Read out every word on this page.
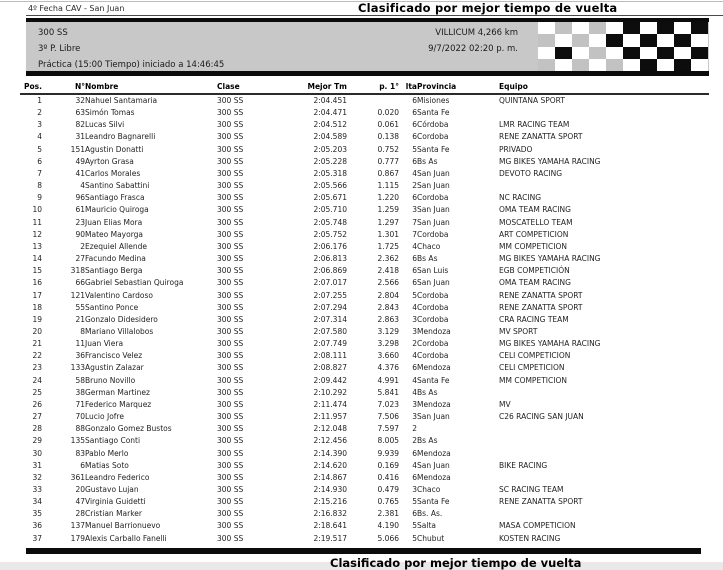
4º Fecha CAV - San Juan	Clasificado por mejor tiempo de vuelta
300 SS
3º P. Libre
Práctica (15:00 Tiempo) iniciado a 14:46:45
VILLICUM 4,266 km
9/7/2022 02:20 p. m.
Pos.	N°	Nombre	Clase	Mejor Tm	p. 1°	lta	Provincia	Equipo
1	32	Nahuel Santamaria	300 SS	2:04.451		6	Misiones	QUINTANA SPORT
2	63	Simón Tomas	300 SS	2:04.471	0.020	6	Santa Fe	
3	82	Lucas Silvi	300 SS	2:04.512	0.061	6	Córdoba	LMR RACING TEAM
4	31	Leandro Bagnarelli	300 SS	2:04.589	0.138	6	Cordoba	RENE ZANATTA SPORT
5	151	Agustin Donatti	300 SS	2:05.203	0.752	5	Santa Fe	PRIVADO
6	49	Ayrton Grasa	300 SS	2:05.228	0.777	6	Bs As	MG BIKES YAMAHA RACING
7	41	Carlos Morales	300 SS	2:05.318	0.867	4	San Juan	DEVOTO RACING
8	4	Santino Sabattini	300 SS	2:05.566	1.115	2	San Juan	
9	96	Santiago Frasca	300 SS	2:05.671	1.220	6	Cordoba	NC RACING
10	61	Mauricio Quiroga	300 SS	2:05.710	1.259	3	San Juan	OMA TEAM RACING
11	23	Juan Elias Mora	300 SS	2:05.748	1.297	7	San Juan	MOSCATELLO TEAM
12	90	Mateo Mayorga	300 SS	2:05.752	1.301	7	Cordoba	ART COMPETICION
13	2	Ezequiel Allende	300 SS	2:06.176	1.725	4	Chaco	MM COMPETICION
14	27	Facundo Medina	300 SS	2:06.813	2.362	6	Bs As	MG BIKES YAMAHA RACING
15	318	Santiago Berga	300 SS	2:06.869	2.418	6	San Luis	EGB COMPETICIÓN
16	66	Gabriel Sebastian Quiroga	300 SS	2:07.017	2.566	6	San Juan	OMA TEAM RACING
17	121	Valentino Cardoso	300 SS	2:07.255	2.804	5	Cordoba	RENE ZANATTA SPORT
18	55	Santino Ponce	300 SS	2:07.294	2.843	4	Cordoba	RENE ZANATTA SPORT
19	21	Gonzalo Didesidero	300 SS	2:07.314	2.863	3	Cordoba	CRA RACING TEAM
20	8	Mariano Villalobos	300 SS	2:07.580	3.129	3	Mendoza	MV SPORT
21	11	Juan Viera	300 SS	2:07.749	3.298	2	Cordoba	MG BIKES YAMAHA RACING
22	36	Francisco Velez	300 SS	2:08.111	3.660	4	Cordoba	CELI COMPETICION
23	133	Agustin Zalazar	300 SS	2:08.827	4.376	6	Mendoza	CELI CMPETICION
24	58	Bruno Novillo	300 SS	2:09.442	4.991	4	Santa Fe	MM COMPETICION
25	38	German Martinez	300 SS	2:10.292	5.841	4	Bs As	
26	71	Federico Marquez	300 SS	2:11.474	7.023	3	Mendoza	MV
27	70	Lucio Jofre	300 SS	2:11.957	7.506	3	San Juan	C26 RACING SAN JUAN
28	88	Gonzalo Gomez Bustos	300 SS	2:12.048	7.597	2		
29	135	Santiago Conti	300 SS	2:12.456	8.005	2	Bs As	
30	83	Pablo Merlo	300 SS	2:14.390	9.939	6	Mendoza	
31	6	Matias Soto	300 SS	2:14.620	0.169	4	San Juan	BIKE RACING
32	361	Leandro Federico	300 SS	2:14.867	0.416	6	Mendoza	
33	20	Gustavo Lujan	300 SS	2:14.930	0.479	3	Chaco	SC RACING TEAM
34	47	Virginia Guidetti	300 SS	2:15.216	0.765	5	Santa Fe	RENE ZANATTA SPORT
35	28	Cristian Marker	300 SS	2:16.832	2.381	6	Bs. As.	
36	137	Manuel Barrionuevo	300 SS	2:18.641	4.190	5	Salta	MASA COMPETICION
37	179	Alexis Carballo Fanelli	300 SS	2:19.517	5.066	5	Chubut	KOSTEN RACING
Clasificado por mejor tiempo de vuelta
